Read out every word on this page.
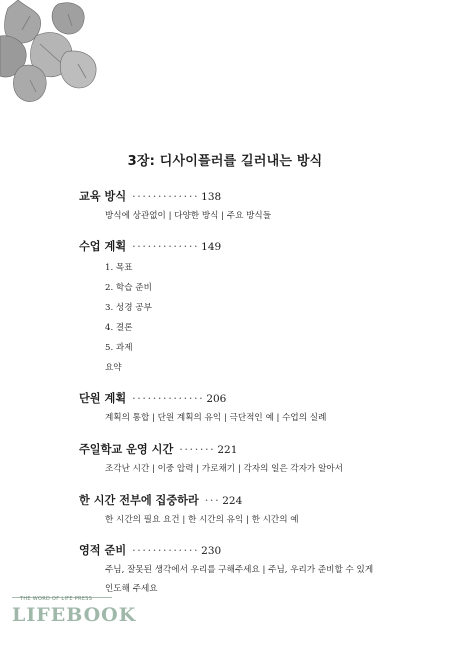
3장: 디사이플러를 길러내는 방식
교육 방식 ············· 138
방식에 상관없이 | 다양한 방식 | 주요 방식들
수업 계획 ············· 149
1. 목표
2. 학습 준비
3. 성경 공부
4. 결론
5. 과제
요약
단원 계획 ·············· 206
계획의 통합 | 단원 계획의 유익 | 극단적인 예 | 수업의 실례
주일학교 운영 시간 ······· 221
조각난 시간 | 이중 압력 | 가로채기 | 각자의 일은 각자가 알아서
한 시간 전부에 집중하라 ··· 224
한 시간의 필요 요건 | 한 시간의 유익 | 한 시간의 예
영적 준비 ············· 230
주님, 잘못된 생각에서 우리를 구해주세요 | 주님, 우리가 준비할 수 있게
인도해 주세요
THE WORD OF LIFE PRESS
LIFEBOOK
